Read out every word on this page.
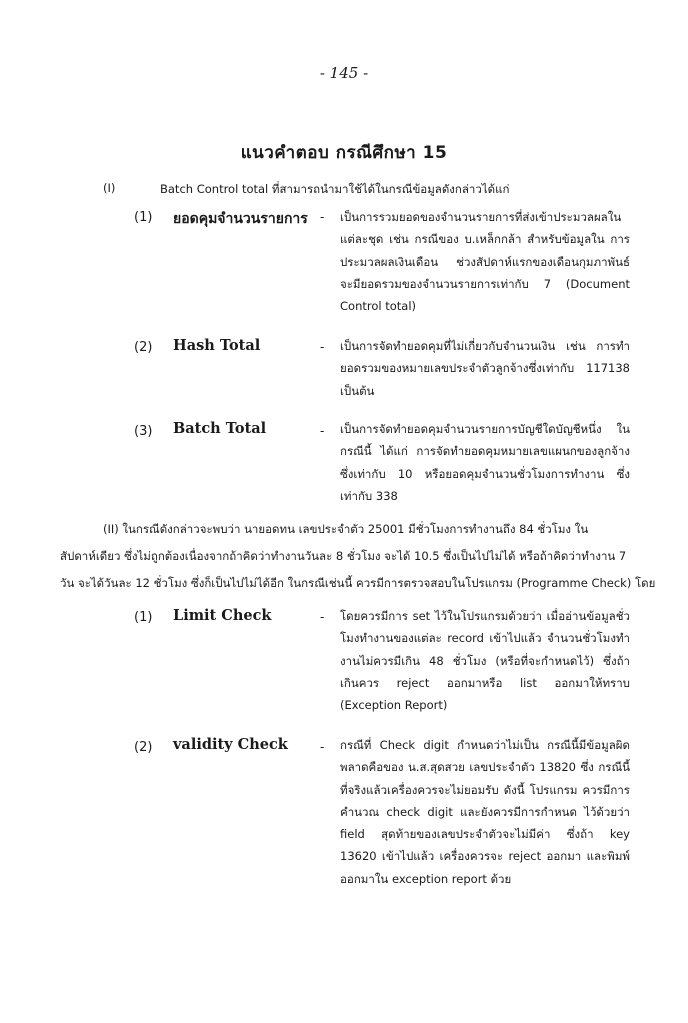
- 145 -
แนวคำตอบ กรณีศึกษา 15
(I)	Batch Control total ที่สามารถนำมาใช้ได้ในกรณีข้อมูลดังกล่าวได้แก่
(1) ยอดคุมจำนวนรายการ - เป็นการรวมยอดของจำนวนรายการที่ส่งเข้าประมวลผลใน แต่ละชุด เช่น กรณีของ บ.เหล็กกล้า สำหรับข้อมูลใน การประมวลผลเงินเดือน ช่วงสัปดาห์แรกของเดือนกุมภาพันธ์ จะมียอดรวมของจำนวนรายการเท่ากับ 7 (Document Control total)
(2) Hash Total	- เป็นการจัดทำยอดคุมที่ไม่เกี่ยวกับจำนวนเงิน เช่น การทำ ยอดรวมของหมายเลขประจำตัวลูกจ้างซึ่งเท่ากับ 117138 เป็นต้น
(3) Batch Total	- เป็นการจัดทำยอดคุมจำนวนรายการบัญชีใดบัญชีหนึ่ง ใน กรณีนี้ ได้แก่ การจัดทำยอดคุมหมายเลขแผนกของลูกจ้าง ซึ่งเท่ากับ 10 หรือยอดคุมจำนวนชั่วโมงการทำงาน ซึ่ง เท่ากับ 338
(II) ในกรณีดังกล่าวจะพบว่า นายอดทน เลขประจำตัว 25001 มีชั่วโมงการทำงานถึง 84 ชั่วโมง ใน
สัปดาห์เดียว ซึ่งไม่ถูกต้องเนื่องจากถ้าคิดว่าทำงานวันละ 8 ชั่วโมง จะได้ 10.5 ซึ่งเป็นไปไม่ได้ หรือถ้าคิดว่าทำงาน 7
วัน จะได้วันละ 12 ชั่วโมง ซึ่งก็เป็นไปไม่ได้อีก ในกรณีเช่นนี้ ควรมีการตรวจสอบในโปรแกรม (Programme Check) โดย
(1) Limit Check	- โดยควรมีการ set ไว้ในโปรแกรมด้วยว่า เมื่ออ่านข้อมูลชั่ว โมงทำงานของแต่ละ record เข้าไปแล้ว จำนวนชั่วโมงทำ งานไม่ควรมีเกิน 48 ชั่วโมง (หรือที่จะกำหนดไว้) ซึ่งถ้า เกินควร reject ออกมาหรือ list ออกมาให้ทราบ (Exception Report)
(2) validity Check	- กรณีที่ Check digit กำหนดว่าไม่เป็น กรณีนี้มีข้อมูลผิด พลาดคือของ น.ส.สุดสวย เลขประจำตัว 13820 ซึ่ง กรณีนี้ที่จริงแล้วเครื่องควรจะไม่ยอมรับ ดังนี้ โปรแกรม ควรมีการคำนวณ check digit และยังควรมีการกำหนด ไว้ด้วยว่า field สุดท้ายของเลขประจำตัวจะไม่มีค่า ซึ่งถ้า key 13620 เข้าไปแล้ว เครื่องควรจะ reject ออกมา และพิมพ์ออกมาใน exception report ด้วย
